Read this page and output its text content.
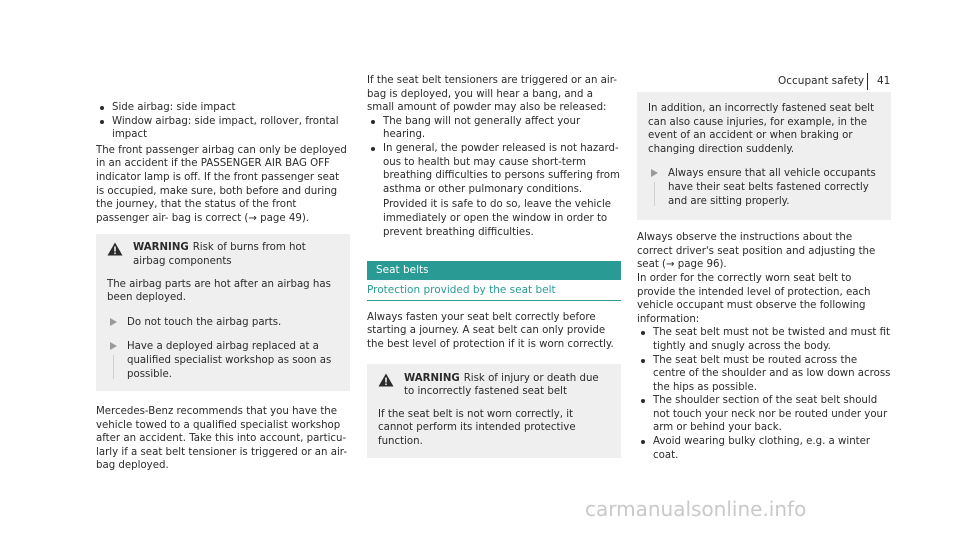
Occupant safety	41
Side airbag: side impact
Window airbag: side impact, rollover, frontal impact

The front passenger airbag can only be deployed in an accident if the PASSENGER AIR BAG OFF indicator lamp is off. If the front passenger seat is occupied, make sure, both before and during the journey, that the status of the front passenger air- bag is correct (→ page 49).

WARNING Risk of burns from hot airbag components

The airbag parts are hot after an airbag has been deployed.

Do not touch the airbag parts.
Have a deployed airbag replaced at a qualified specialist workshop as soon as possible.

Mercedes-Benz recommends that you have the vehicle towed to a qualified specialist workshop after an accident. Take this into account, particu- larly if a seat belt tensioner is triggered or an air- bag deployed.

If the seat belt tensioners are triggered or an air- bag is deployed, you will hear a bang, and a small amount of powder may also be released:

The bang will not generally affect your hearing.
In general, the powder released is not hazard- ous to health but may cause short-term breathing difficulties to persons suffering from asthma or other pulmonary conditions.

Provided it is safe to do so, leave the vehicle immediately or open the window in order to prevent breathing difficulties.

Seat belts
Protection provided by the seat belt

Always fasten your seat belt correctly before starting a journey. A seat belt can only provide the best level of protection if it is worn correctly.

WARNING Risk of injury or death due to incorrectly fastened seat belt

If the seat belt is not worn correctly, it cannot perform its intended protective function.

In addition, an incorrectly fastened seat belt can also cause injuries, for example, in the event of an accident or when braking or changing direction suddenly.

Always ensure that all vehicle occupants have their seat belts fastened correctly and are sitting properly.

Always observe the instructions about the correct driver's seat position and adjusting the seat (→ page 96).

In order for the correctly worn seat belt to provide the intended level of protection, each vehicle occupant must observe the following information:

The seat belt must not be twisted and must fit tightly and snugly across the body.
The seat belt must be routed across the centre of the shoulder and as low down across the hips as possible.
The shoulder section of the seat belt should not touch your neck nor be routed under your arm or behind your back.
Avoid wearing bulky clothing, e.g. a winter coat.
carmanualsonline.info
